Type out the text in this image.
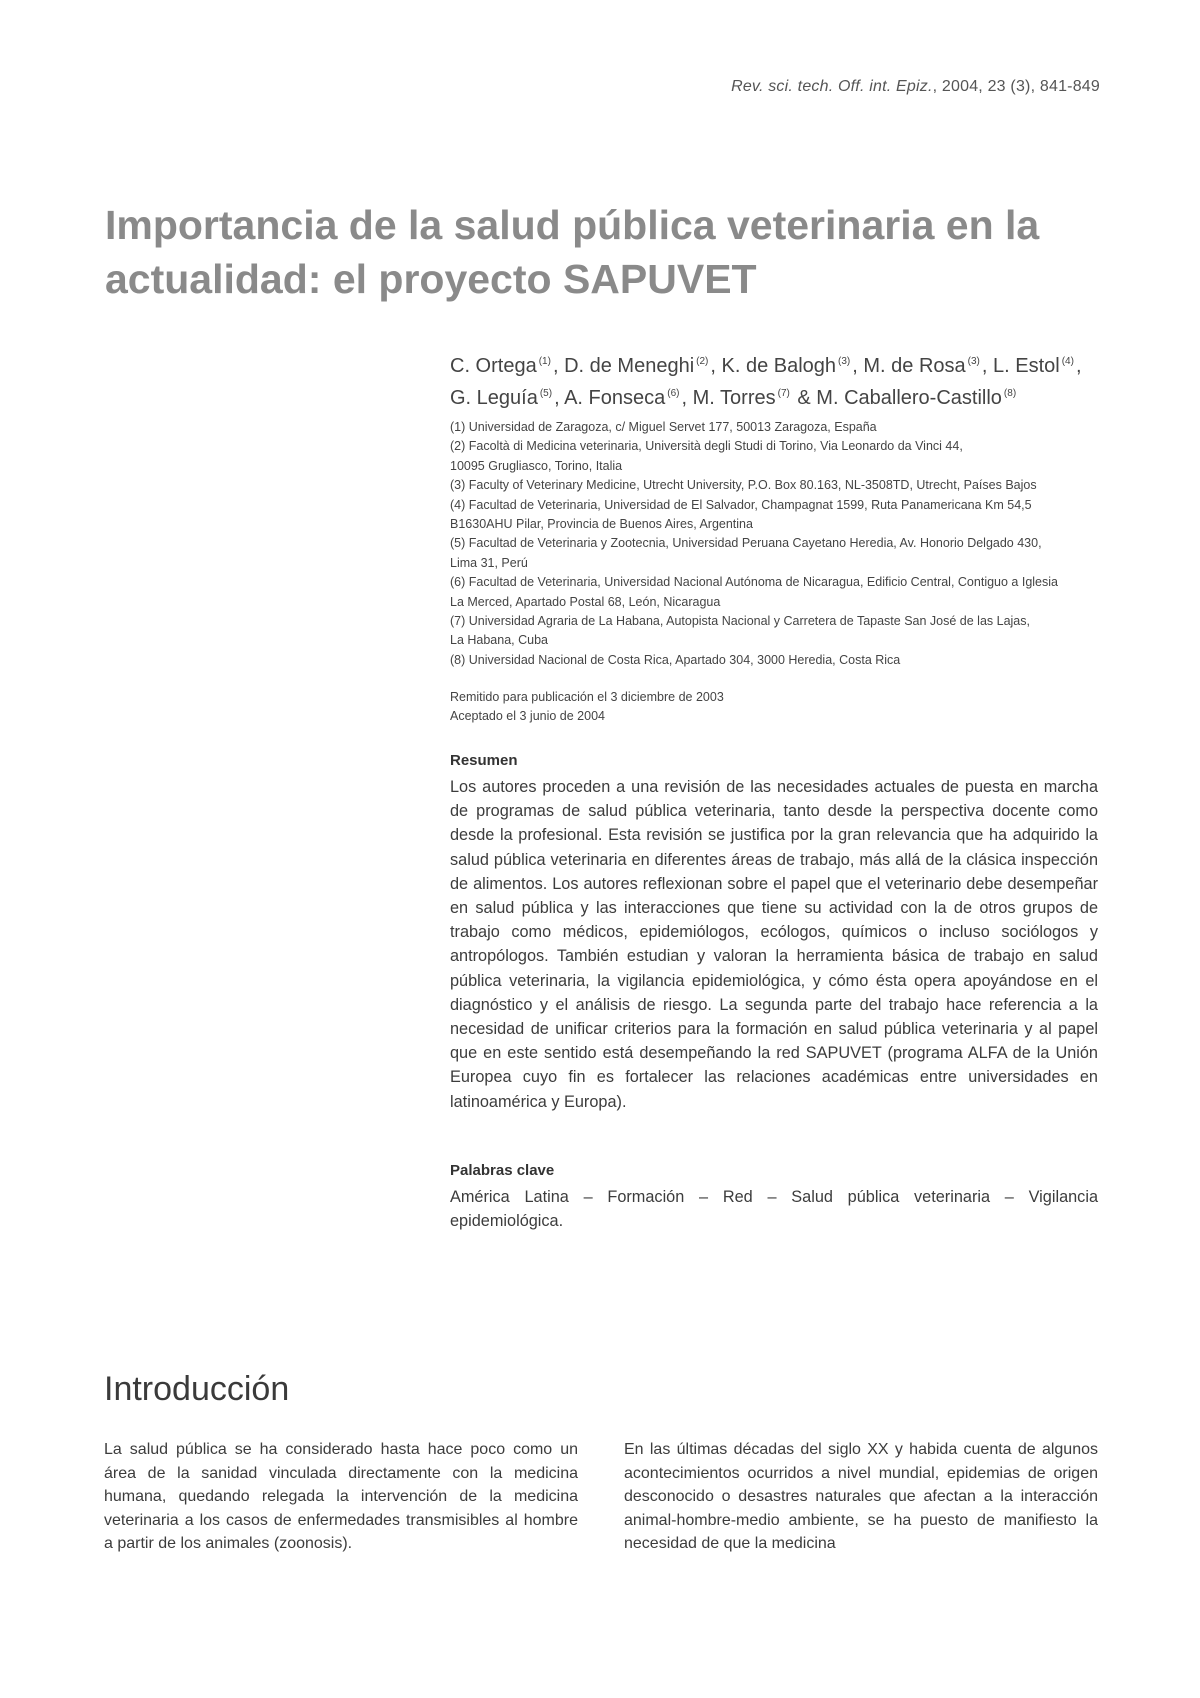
Rev. sci. tech. Off. int. Epiz., 2004, 23 (3), 841-849
Importancia de la salud pública veterinaria en la actualidad: el proyecto SAPUVET
C. Ortega $^{(1)}$ , D. de Meneghi $^{(2)}$ , K. de Balogh $^{(3)}$ , M. de Rosa $^{(3)}$ , L. Estol $^{(4)}$ ,
G. Leguía $^{(5)}$ , A. Fonseca $^{(6)}$ , M. Torres $^{(7)}$ & M. Caballero-Castillo $^{(8)}$
(1) Universidad de Zaragoza, c/ Miguel Servet 177, 50013 Zaragoza, España
(2) Facoltà di Medicina veterinaria, Università degli Studi di Torino, Via Leonardo da Vinci 44,
10095 Grugliasco, Torino, Italia
(3) Faculty of Veterinary Medicine, Utrecht University, P.O. Box 80.163, NL-3508TD, Utrecht, Países Bajos
(4) Facultad de Veterinaria, Universidad de El Salvador, Champagnat 1599, Ruta Panamericana Km 54,5
B1630AHU Pilar, Provincia de Buenos Aires, Argentina
(5) Facultad de Veterinaria y Zootecnia, Universidad Peruana Cayetano Heredia, Av. Honorio Delgado 430,
Lima 31, Perú
(6) Facultad de Veterinaria, Universidad Nacional Autónoma de Nicaragua, Edificio Central, Contiguo a Iglesia
La Merced, Apartado Postal 68, León, Nicaragua
(7) Universidad Agraria de La Habana, Autopista Nacional y Carretera de Tapaste San José de las Lajas,
La Habana, Cuba
(8) Universidad Nacional de Costa Rica, Apartado 304, 3000 Heredia, Costa Rica
Remitido para publicación el 3 diciembre de 2003
Aceptado el 3 junio de 2004
Resumen

Los autores proceden a una revisión de las necesidades actuales de puesta en marcha de programas de salud pública veterinaria, tanto desde la perspectiva docente como desde la profesional. Esta revisión se justifica por la gran relevancia que ha adquirido la salud pública veterinaria en diferentes áreas de trabajo, más allá de la clásica inspección de alimentos. Los autores reflexionan sobre el papel que el veterinario debe desempeñar en salud pública y las interacciones que tiene su actividad con la de otros grupos de trabajo como médicos, epidemiólogos, ecólogos, químicos o incluso sociólogos y antropólogos. También estudian y valoran la herramienta básica de trabajo en salud pública veterinaria, la vigilancia epidemiológica, y cómo ésta opera apoyándose en el diagnóstico y el análisis de riesgo. La segunda parte del trabajo hace referencia a la necesidad de unificar criterios para la formación en salud pública veterinaria y al papel que en este sentido está desempeñando la red SAPUVET (programa ALFA de la Unión Europea cuyo fin es fortalecer las relaciones académicas entre universidades en latinoamérica y Europa).

Palabras clave

América Latina – Formación – Red – Salud pública veterinaria – Vigilancia epidemiológica.

Introducción

La salud pública se ha considerado hasta hace poco como un área de la sanidad vinculada directamente con la medicina humana, quedando relegada la intervención de la medicina veterinaria a los casos de enfermedades transmisibles al hombre a partir de los animales (zoonosis).

En las últimas décadas del siglo XX y habida cuenta de algunos acontecimientos ocurridos a nivel mundial, epidemias de origen desconocido o desastres naturales que afectan a la interacción animal-hombre-medio ambiente, se ha puesto de manifiesto la necesidad de que la medicina
